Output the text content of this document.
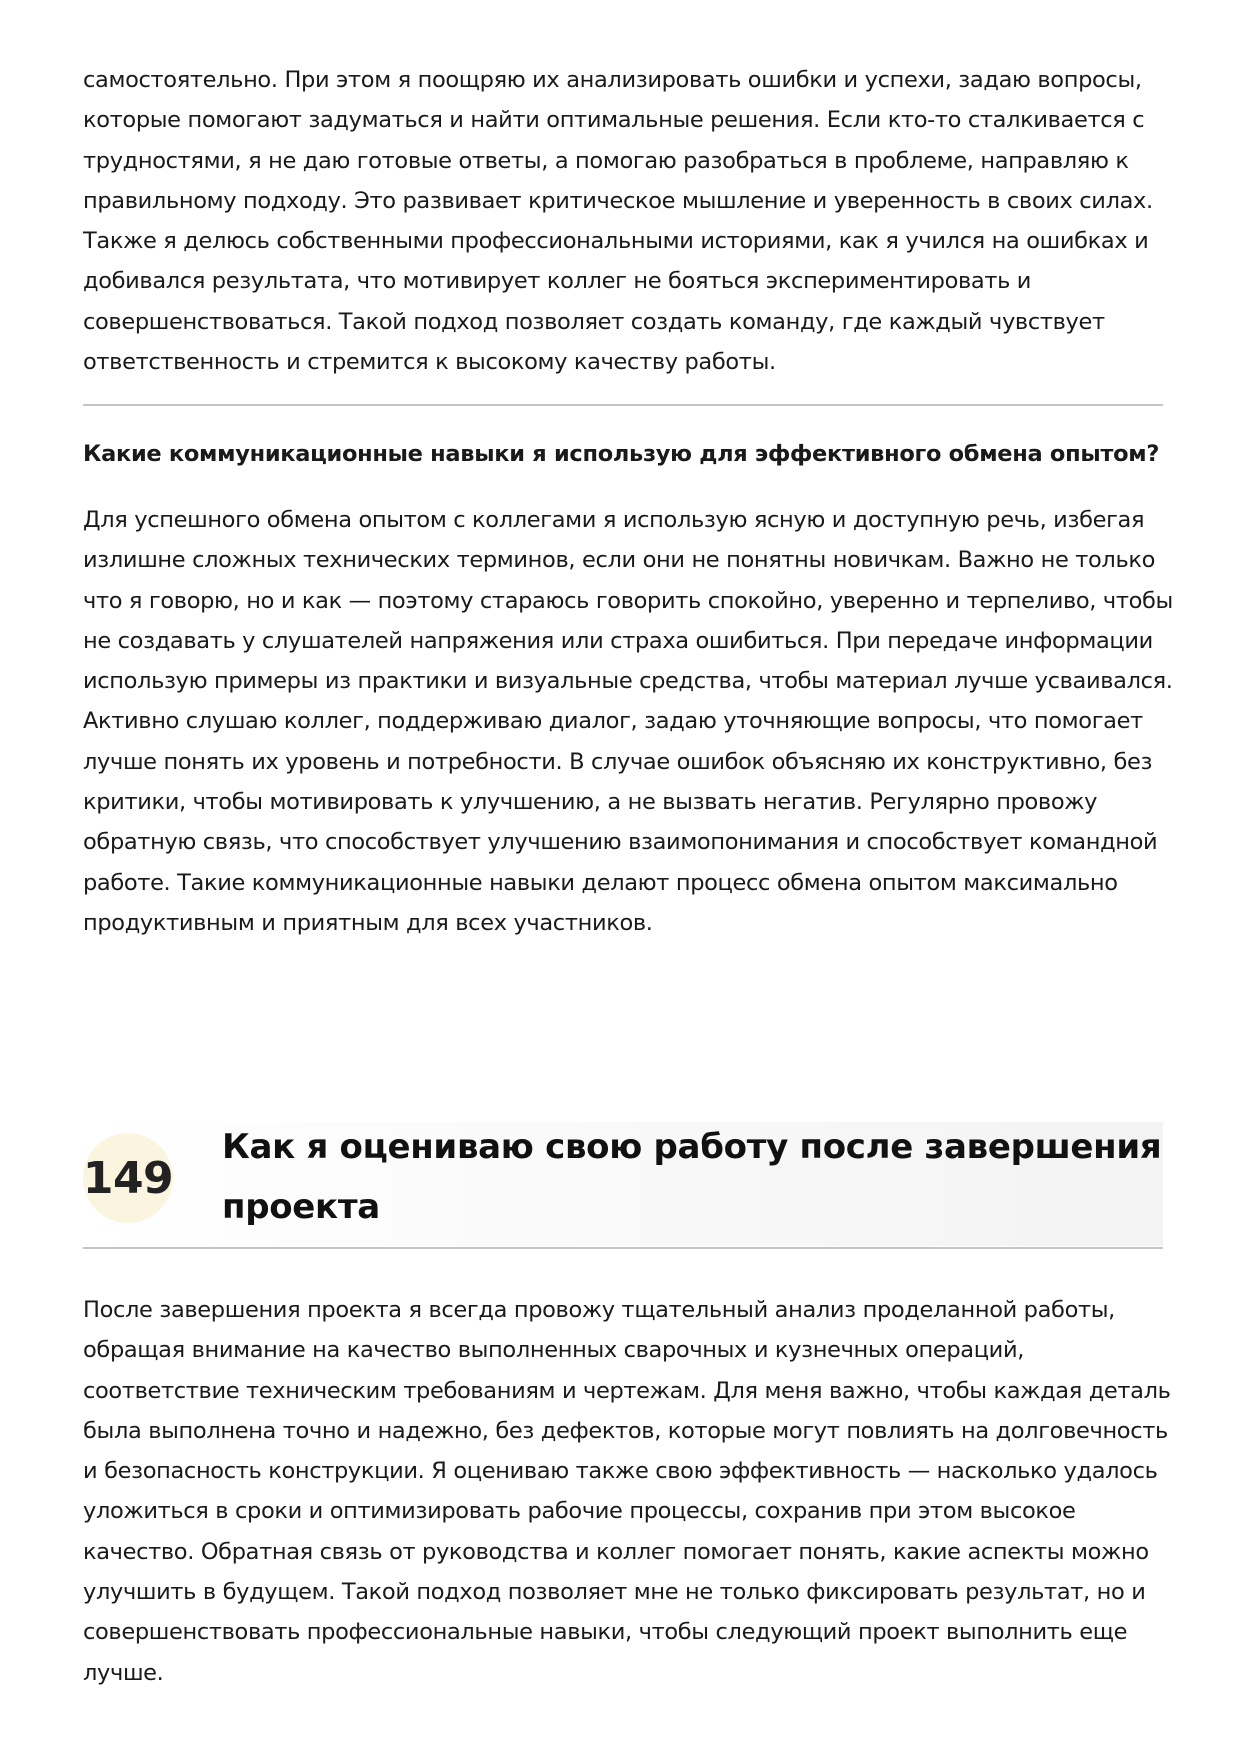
самостоятельно. При этом я поощряю их анализировать ошибки и успехи, задаю вопросы, которые помогают задуматься и найти оптимальные решения. Если кто-то сталкивается с трудностями, я не даю готовые ответы, а помогаю разобраться в проблеме, направляю к правильному подходу. Это развивает критическое мышление и уверенность в своих силах. Также я делюсь собственными профессиональными историями, как я учился на ошибках и добивался результата, что мотивирует коллег не бояться экспериментировать и совершенствоваться. Такой подход позволяет создать команду, где каждый чувствует ответственность и стремится к высокому качеству работы.

Какие коммуникационные навыки я использую для эффективного обмена опытом?

Для успешного обмена опытом с коллегами я использую ясную и доступную речь, избегая излишне сложных технических терминов, если они не понятны новичкам. Важно не только что я говорю, но и как — поэтому стараюсь говорить спокойно, уверенно и терпеливо, чтобы не создавать у слушателей напряжения или страха ошибиться. При передаче информации использую примеры из практики и визуальные средства, чтобы материал лучше усваивался. Активно слушаю коллег, поддерживаю диалог, задаю уточняющие вопросы, что помогает лучше понять их уровень и потребности. В случае ошибок объясняю их конструктивно, без критики, чтобы мотивировать к улучшению, а не вызвать негатив. Регулярно провожу обратную связь, что способствует улучшению взаимопонимания и способствует командной работе. Такие коммуникационные навыки делают процесс обмена опытом максимально продуктивным и приятным для всех участников.

149
Как я оцениваю свою работу после завершения проекта

После завершения проекта я всегда провожу тщательный анализ проделанной работы, обращая внимание на качество выполненных сварочных и кузнечных операций, соответствие техническим требованиям и чертежам. Для меня важно, чтобы каждая деталь была выполнена точно и надежно, без дефектов, которые могут повлиять на долговечность и безопасность конструкции. Я оцениваю также свою эффективность — насколько удалось уложиться в сроки и оптимизировать рабочие процессы, сохранив при этом высокое качество. Обратная связь от руководства и коллег помогает понять, какие аспекты можно улучшить в будущем. Такой подход позволяет мне не только фиксировать результат, но и совершенствовать профессиональные навыки, чтобы следующий проект выполнить еще лучше.
